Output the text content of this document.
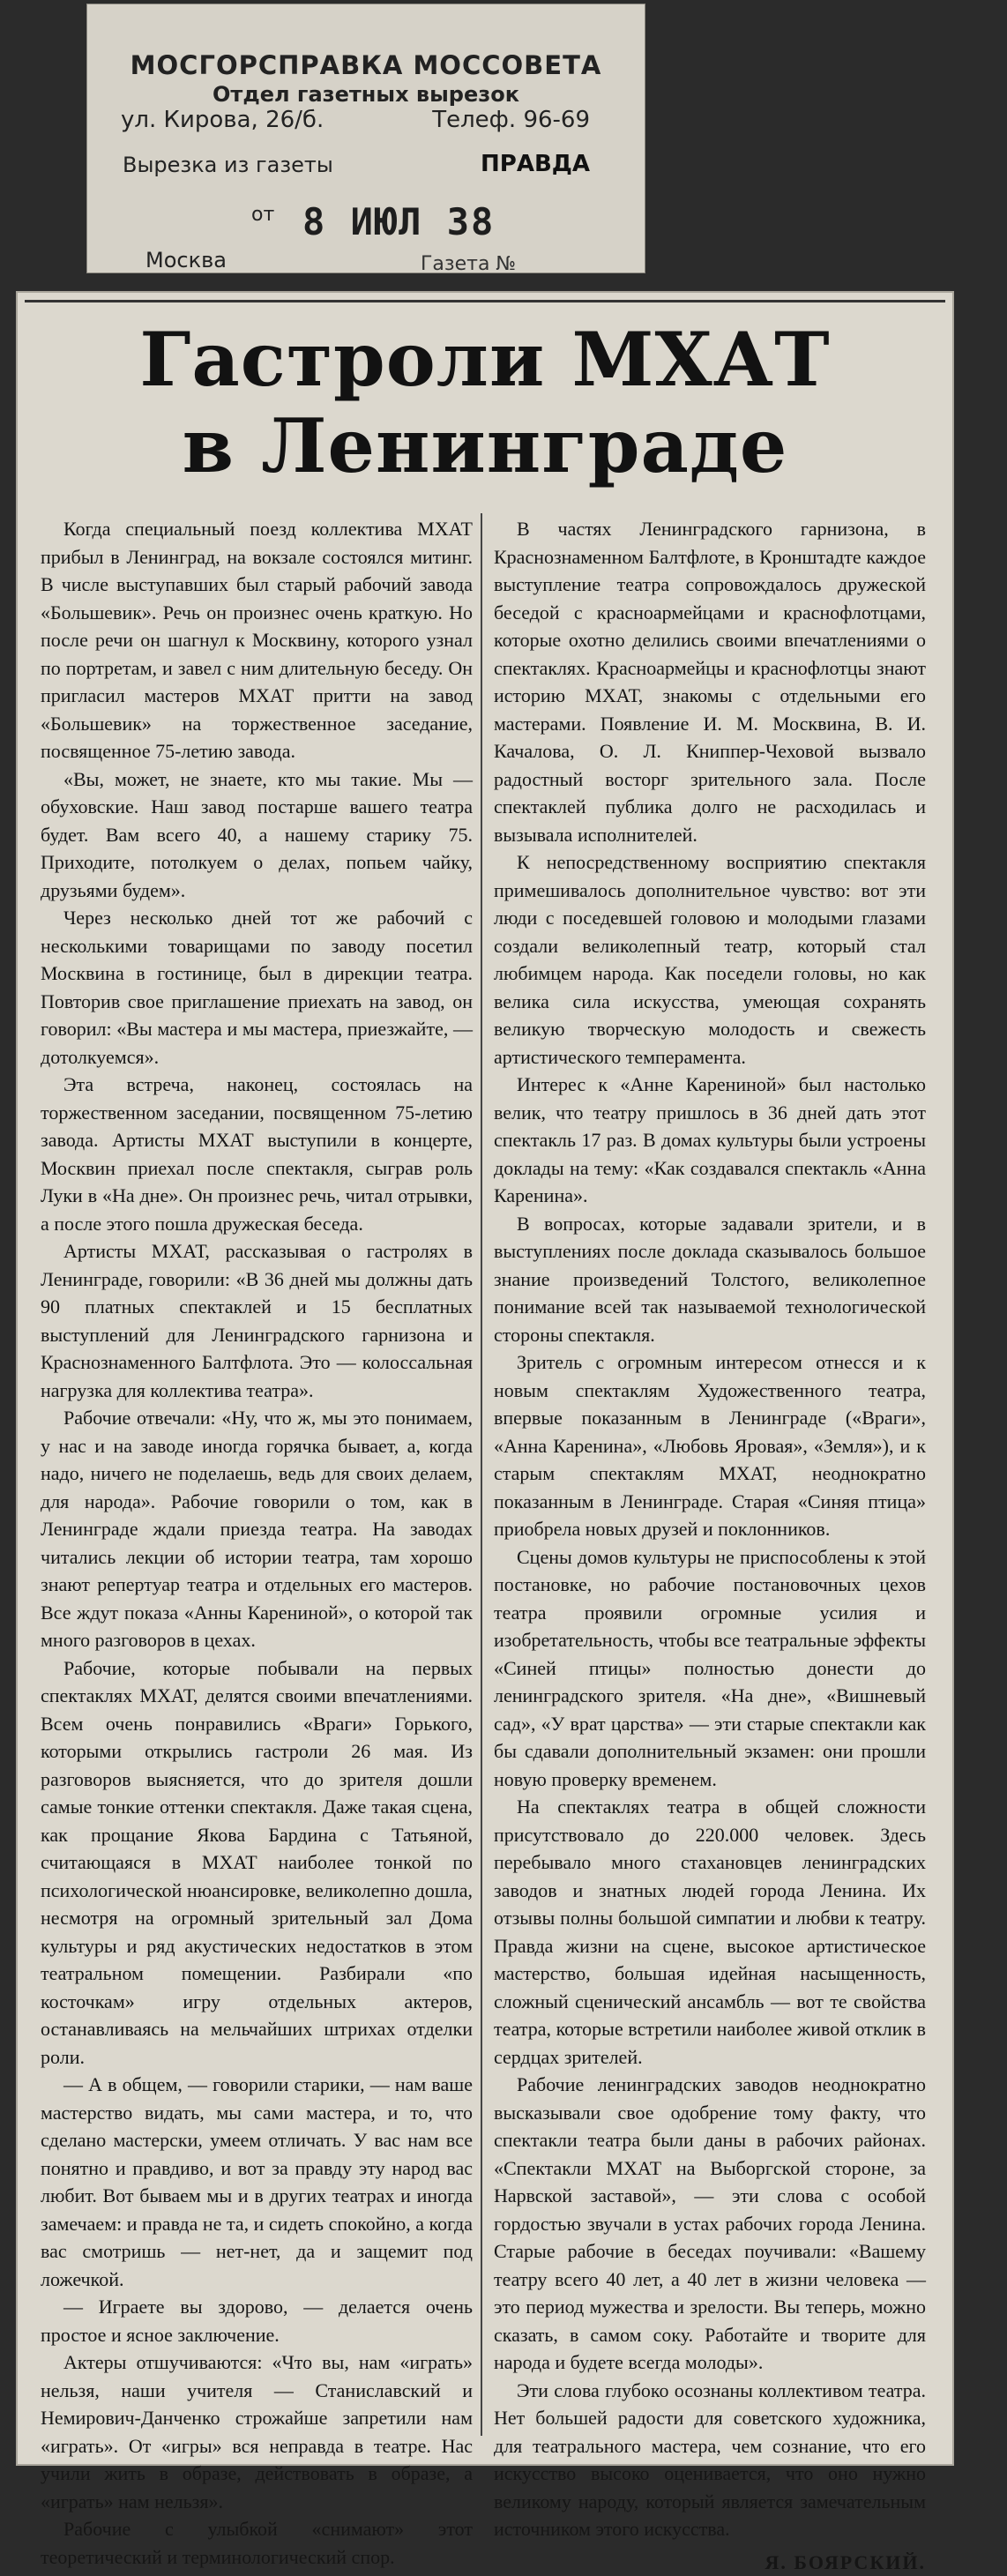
МОСГОРСПРАВКА МОССОВЕТА
Отдел газетных вырезок
ул. Кирова, 26/б.	Телеф. 96-69
Вырезка из газеты	ПРАВДА
от 8 ИЮЛ 38
Москва	Газета №
Гастроли МХАТ
в Ленинграде

Когда специальный поезд коллектива МХАТ прибыл в Ленинград, на вокзале состоялся митинг. В числе выступавших был старый рабочий завода «Большевик». Речь он произнес очень краткую. Но после речи он шагнул к Москвину, которого узнал по портретам, и завел с ним длительную беседу. Он пригласил мастеров МХАТ притти на завод «Большевик» на торжественное заседание, посвященное 75-летию завода.

«Вы, может, не знаете, кто мы такие. Мы — обуховские. Наш завод постарше вашего театра будет. Вам всего 40, а нашему старику 75. Приходите, потолкуем о делах, попьем чайку, друзьями будем».

Через несколько дней тот же рабочий с несколькими товарищами по заводу посетил Москвина в гостинице, был в дирекции театра. Повторив свое приглашение приехать на завод, он говорил: «Вы мастера и мы мастера, приезжайте, — дотолкуемся».

Эта встреча, наконец, состоялась на торжественном заседании, посвященном 75-летию завода. Артисты МХАТ выступили в концерте, Москвин приехал после спектакля, сыграв роль Луки в «На дне». Он произнес речь, читал отрывки, а после этого пошла дружеская беседа.

Артисты МХАТ, рассказывая о гастролях в Ленинграде, говорили: «В 36 дней мы должны дать 90 платных спектаклей и 15 бесплатных выступлений для Ленинградского гарнизона и Краснознаменного Балтфлота. Это — колоссальная нагрузка для коллектива театра».

Рабочие отвечали: «Ну, что ж, мы это понимаем, у нас и на заводе иногда горячка бывает, а, когда надо, ничего не поделаешь, ведь для своих делаем, для народа». Рабочие говорили о том, как в Ленинграде ждали приезда театра. На заводах читались лекции об истории театра, там хорошо знают репертуар театра и отдельных его мастеров. Все ждут показа «Анны Карениной», о которой так много разговоров в цехах.

Рабочие, которые побывали на первых спектаклях МХАТ, делятся своими впечатлениями. Всем очень понравились «Враги» Горького, которыми открылись гастроли 26 мая. Из разговоров выясняется, что до зрителя дошли самые тонкие оттенки спектакля. Даже такая сцена, как прощание Якова Бардина с Татьяной, считающаяся в МХАТ наиболее тонкой по психологической нюансировке, великолепно дошла, несмотря на огромный зрительный зал Дома культуры и ряд акустических недостатков в этом театральном помещении. Разбирали «по косточкам» игру отдельных актеров, останавливаясь на мельчайших штрихах отделки роли.

— А в общем, — говорили старики, — нам ваше мастерство видать, мы сами мастера, и то, что сделано мастерски, умеем отличать. У вас нам все понятно и правдиво, и вот за правду эту народ вас любит. Вот бываем мы и в других театрах и иногда замечаем: и правда не та, и сидеть спокойно, а когда вас смотришь — нет-нет, да и защемит под ложечкой.

— Играете вы здорово, — делается очень простое и ясное заключение.

Актеры отшучиваются: «Что вы, нам «играть» нельзя, наши учителя — Станиславский и Немирович-Данченко строжайше запретили нам «играть». От «игры» вся неправда в театре. Нас учили жить в образе, действовать в образе, а «играть» нам нельзя».

Рабочие с улыбкой «снимают» этот теоретический и терминологический спор.

В частях Ленинградского гарнизона, в Краснознаменном Балтфлоте, в Кронштадте каждое выступление театра сопровождалось дружеской беседой с красноармейцами и краснофлотцами, которые охотно делились своими впечатлениями о спектаклях. Красноармейцы и краснофлотцы знают историю МХАТ, знакомы с отдельными его мастерами. Появление И. М. Москвина, В. И. Качалова, О. Л. Книппер-Чеховой вызвало радостный восторг зрительного зала. После спектаклей публика долго не расходилась и вызывала исполнителей.

К непосредственному восприятию спектакля примешивалось дополнительное чувство: вот эти люди с поседевшей головою и молодыми глазами создали великолепный театр, который стал любимцем народа. Как поседели головы, но как велика сила искусства, умеющая сохранять великую творческую молодость и свежесть артистического темперамента.

Интерес к «Анне Карениной» был настолько велик, что театру пришлось в 36 дней дать этот спектакль 17 раз. В домах культуры были устроены доклады на тему: «Как создавался спектакль «Анна Каренина».

В вопросах, которые задавали зрители, и в выступлениях после доклада сказывалось большое знание произведений Толстого, великолепное понимание всей так называемой технологической стороны спектакля.

Зритель с огромным интересом отнесся и к новым спектаклям Художественного театра, впервые показанным в Ленинграде («Враги», «Анна Каренина», «Любовь Яровая», «Земля»), и к старым спектаклям МХАТ, неоднократно показанным в Ленинграде. Старая «Синяя птица» приобрела новых друзей и поклонников.

Сцены домов культуры не приспособлены к этой постановке, но рабочие постановочных цехов театра проявили огромные усилия и изобретательность, чтобы все театральные эффекты «Синей птицы» полностью донести до ленинградского зрителя. «На дне», «Вишневый сад», «У врат царства» — эти старые спектакли как бы сдавали дополнительный экзамен: они прошли новую проверку временем.

На спектаклях театра в общей сложности присутствовало до 220.000 человек. Здесь перебывало много стахановцев ленинградских заводов и знатных людей города Ленина. Их отзывы полны большой симпатии и любви к театру. Правда жизни на сцене, высокое артистическое мастерство, большая идейная насыщенность, сложный сценический ансамбль — вот те свойства театра, которые встретили наиболее живой отклик в сердцах зрителей.

Рабочие ленинградских заводов неоднократно высказывали свое одобрение тому факту, что спектакли театра были даны в рабочих районах. «Спектакли МХАТ на Выборгской стороне, за Нарвской заставой», — эти слова с особой гордостью звучали в устах рабочих города Ленина. Старые рабочие в беседах поучивали: «Вашему театру всего 40 лет, а 40 лет в жизни человека — это период мужества и зрелости. Вы теперь, можно сказать, в самом соку. Работайте и творите для народа и будете всегда молоды».

Эти слова глубоко осознаны коллективом театра. Нет большей радости для советского художника, для театрального мастера, чем сознание, что его искусство высоко оценивается, что оно нужно великому народу, который является замечательным источником этого искусства.

Я. БОЯРСКИЙ.
